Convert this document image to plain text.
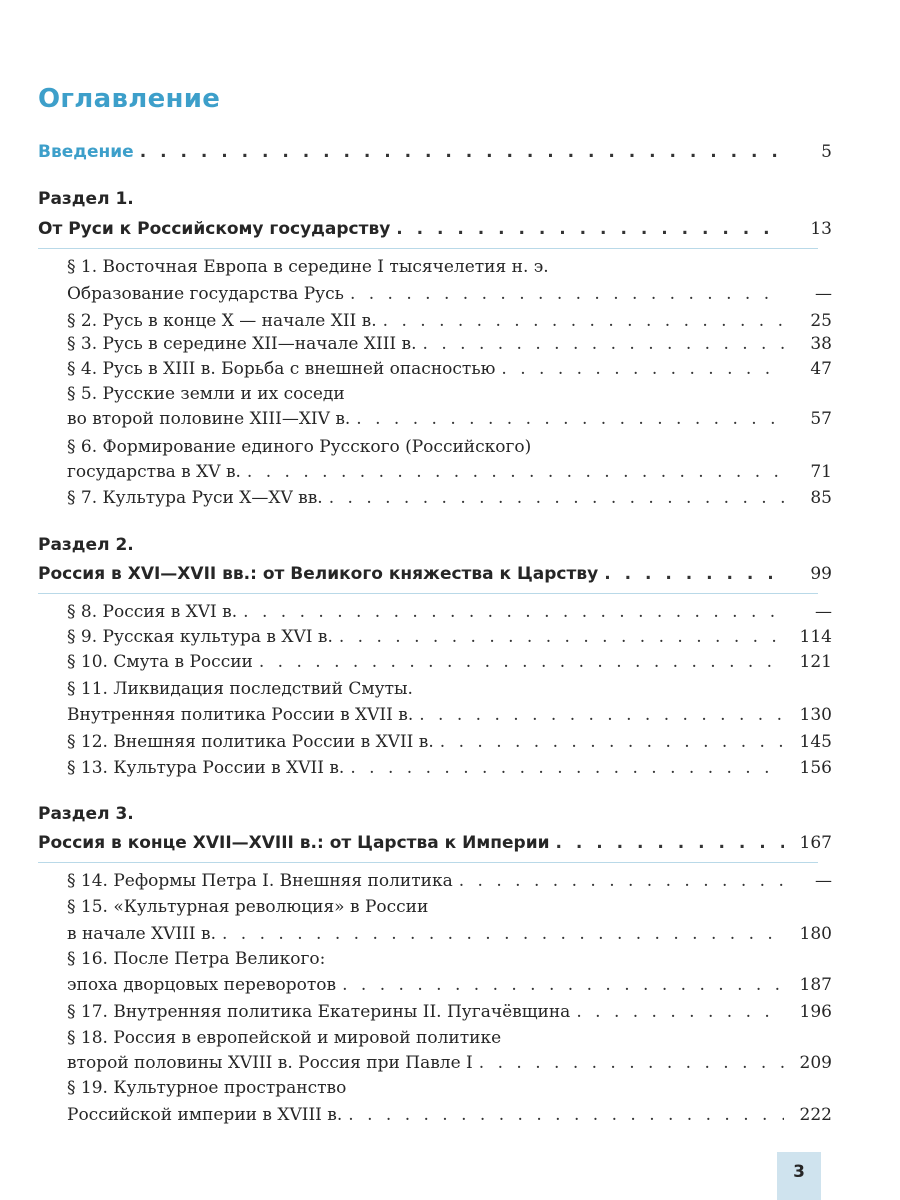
Оглавление
Введение . . .	5
Раздел 1.
От Руси к Российскому государству . . .	13
§ 1. Восточная Европа в середине I тысячелетия н. э.
Образование государства Русь . . .	—
§ 2. Русь в конце X — начале XII в. . . .	25
§ 3. Русь в середине XII—начале XIII в. . . .	38
§ 4. Русь в XIII в. Борьба с внешней опасностью . . .	47
§ 5. Русские земли и их соседи
во второй половине XIII—XIV в. . . .	57
§ 6. Формирование единого Русского (Российского)
государства в XV в. . . .	71
§ 7. Культура Руси X—XV вв. . . .	85
Раздел 2.
Россия в XVI—XVII вв.: от Великого княжества к Царству . . .	99
§ 8. Россия в XVI в. . . .	—
§ 9. Русская культура в XVI в. . . .	114
§ 10. Смута в России . . .	121
§ 11. Ликвидация последствий Смуты.
Внутренняя политика России в XVII в. . . .	130
§ 12. Внешняя политика России в XVII в. . . .	145
§ 13. Культура России в XVII в. . . .	156
Раздел 3.
Россия в конце XVII—XVIII в.: от Царства к Империи . . .	167
§ 14. Реформы Петра I. Внешняя политика . . .	—
§ 15. «Культурная революция» в России
в начале XVIII в. . . .	180
§ 16. После Петра Великого:
эпоха дворцовых переворотов . . .	187
§ 17. Внутренняя политика Екатерины II. Пугачёвщина . . .	196
§ 18. Россия в европейской и мировой политике
второй половины XVIII в. Россия при Павле I . . .	209
§ 19. Культурное пространство
Российской империи в XVIII в. . . .	222
3
